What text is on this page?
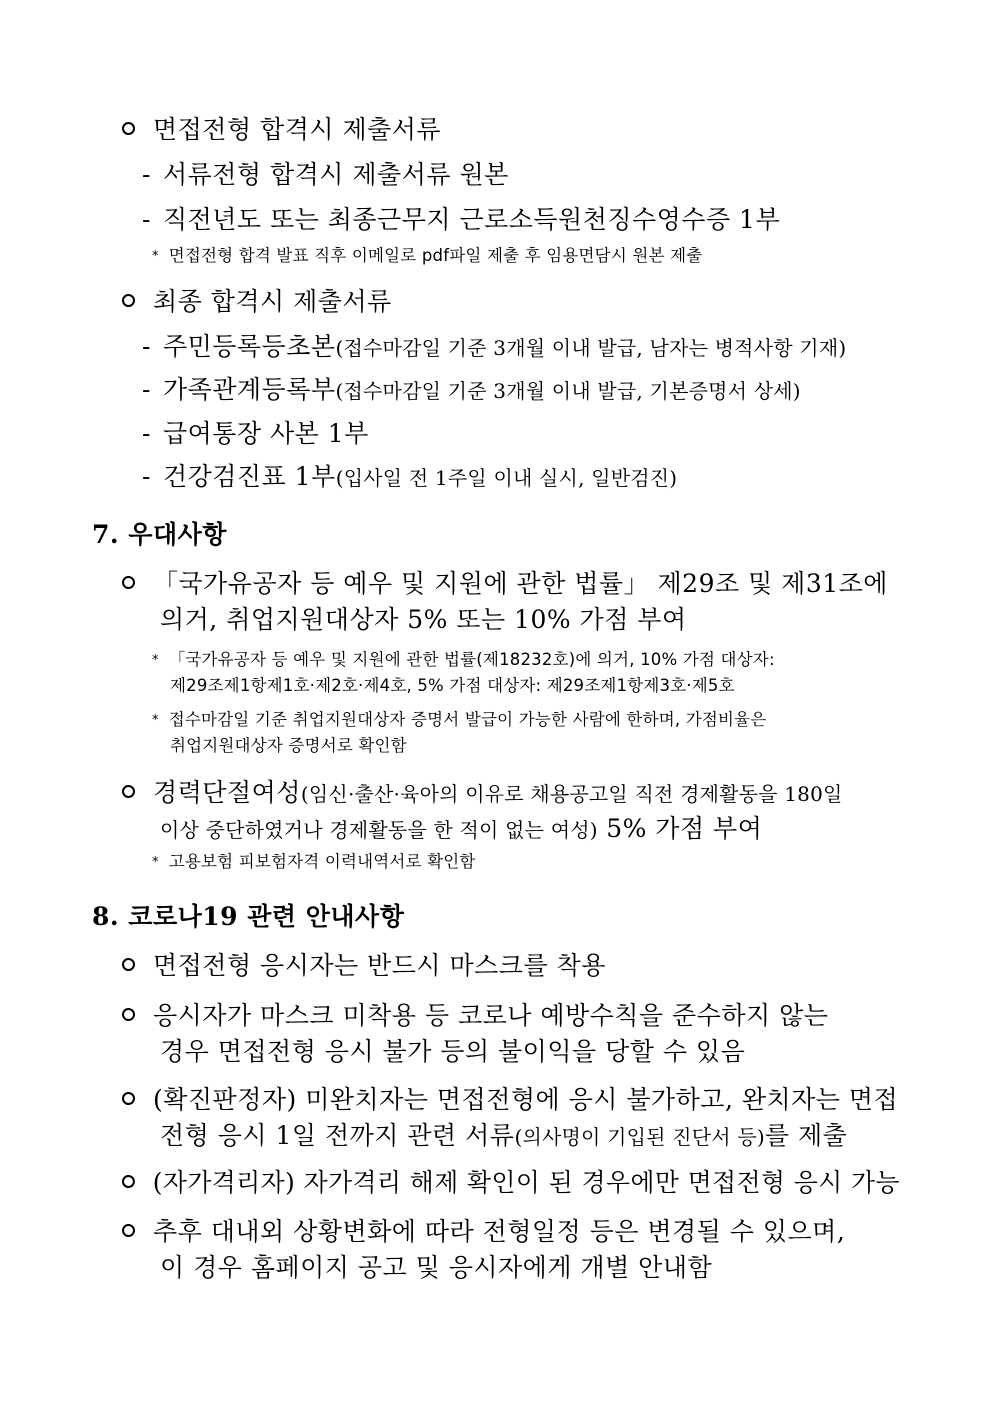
면접전형 합격시 제출서류
- 서류전형 합격시 제출서류 원본
- 직전년도 또는 최종근무지 근로소득원천징수영수증 1부
* 면접전형 합격 발표 직후 이메일로 pdf파일 제출 후 임용면담시 원본 제출
최종 합격시 제출서류
- 주민등록등초본(접수마감일 기준 3개월 이내 발급, 남자는 병적사항 기재)
- 가족관계등록부(접수마감일 기준 3개월 이내 발급, 기본증명서 상세)
- 급여통장 사본 1부
- 건강검진표 1부(입사일 전 1주일 이내 실시, 일반검진)
7. 우대사항
「국가유공자 등 예우 및 지원에 관한 법률」 제29조 및 제31조에
의거, 취업지원대상자 5% 또는 10% 가점 부여
* 「국가유공자 등 예우 및 지원에 관한 법률(제18232호)에 의거, 10% 가점 대상자:
제29조제1항제1호·제2호·제4호, 5% 가점 대상자: 제29조제1항제3호·제5호
* 접수마감일 기준 취업지원대상자 증명서 발급이 가능한 사람에 한하며, 가점비율은
취업지원대상자 증명서로 확인함
경력단절여성(임신·출산·육아의 이유로 채용공고일 직전 경제활동을 180일
이상 중단하였거나 경제활동을 한 적이 없는 여성) 5% 가점 부여
* 고용보험 피보험자격 이력내역서로 확인함
8. 코로나19 관련 안내사항
면접전형 응시자는 반드시 마스크를 착용
응시자가 마스크 미착용 등 코로나 예방수칙을 준수하지 않는
경우 면접전형 응시 불가 등의 불이익을 당할 수 있음
(확진판정자) 미완치자는 면접전형에 응시 불가하고, 완치자는 면접
전형 응시 1일 전까지 관련 서류(의사명이 기입된 진단서 등)를 제출
(자가격리자) 자가격리 해제 확인이 된 경우에만 면접전형 응시 가능
추후 대내외 상황변화에 따라 전형일정 등은 변경될 수 있으며,
이 경우 홈페이지 공고 및 응시자에게 개별 안내함
